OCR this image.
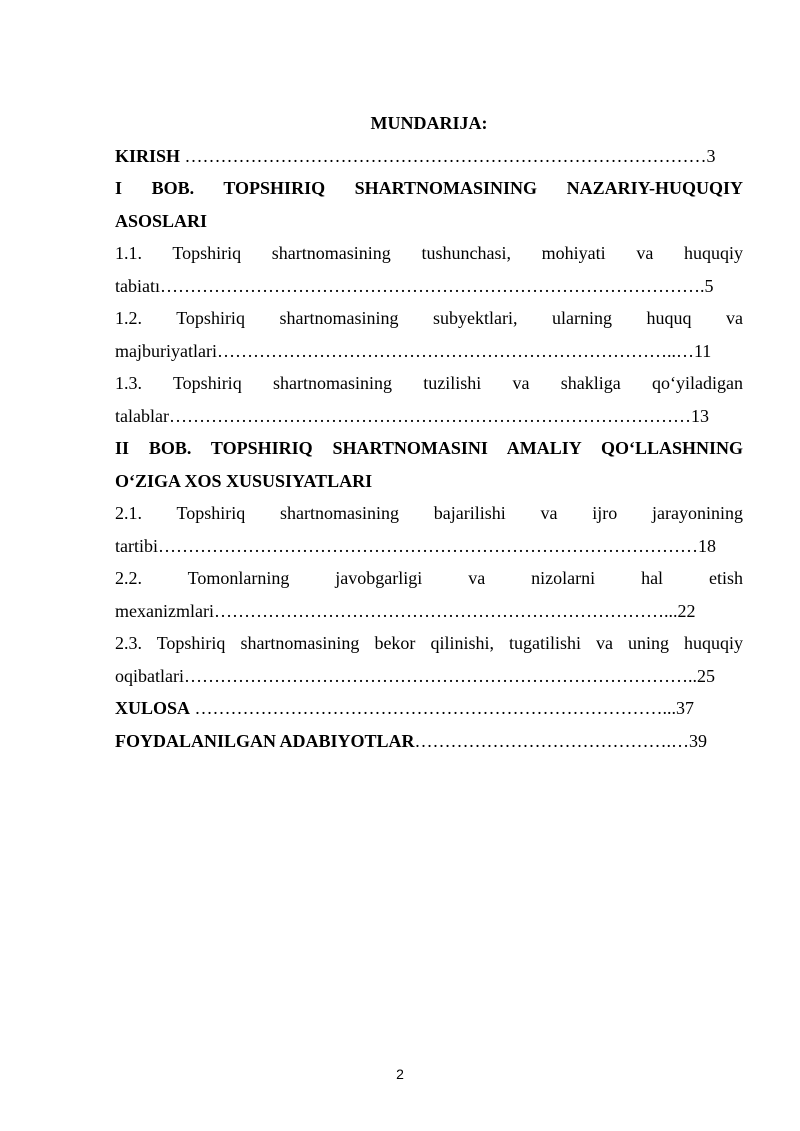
MUNDARIJA:

KIRISH ……………………………………………………………………………3

I BOB. TOPSHIRIQ SHARTNOMASINING NAZARIY-HUQUQIY

ASOSLARI

1.1. Topshiriq shartnomasining tushunchasi, mohiyati va huquqiy

tabiatı……………………………………………………………………………….5

1.2. Topshiriq shartnomasining subyektlari, ularning huquq va

majburiyatlari…………………………………………………………………..…11

1.3. Topshiriq shartnomasining tuzilishi va shakliga qo‘yiladigan

talablar……………………………………………………………………………13

II BOB. TOPSHIRIQ SHARTNOMASINI AMALIY QO‘LLASHNING

O‘ZIGA XOS XUSUSIYATLARI

2.1. Topshiriq shartnomasining bajarilishi va ijro jarayonining

tartibi………………………………………………………………………………18

2.2. Tomonlarning javobgarligi va nizolarni hal etish

mexanizmlari…………………………………………………………………...22

2.3. Topshiriq shartnomasining bekor qilinishi, tugatilishi va uning huquqiy

oqibatlari…………………………………………………………………………..25

XULOSA ……………………………………………………………………...37

FOYDALANILGAN ADABIYOTLAR…………………………………….…39

2
